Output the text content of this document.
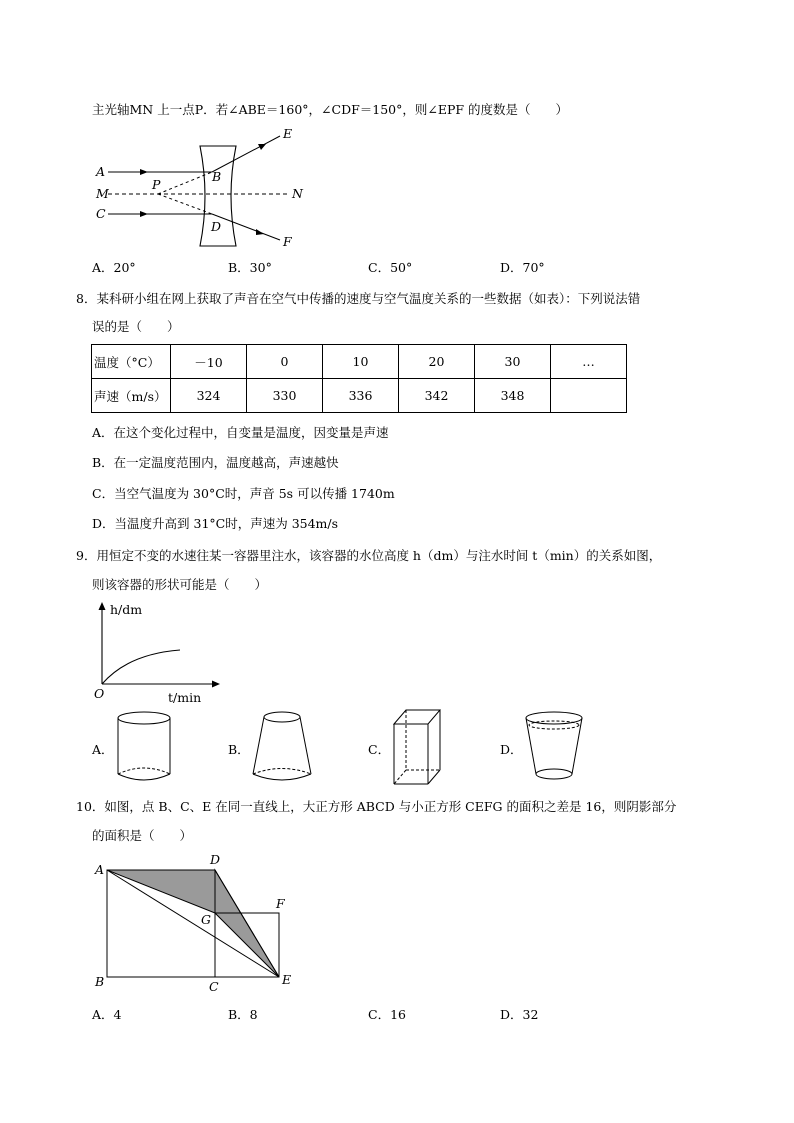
主光轴MN 上一点P．若∠ABE＝160°，∠CDF＝150°，则∠EPF 的度数是（　　）
A
M
C
P
B
D
E
N
F
A．20°	B．30°	C．50°	D．70°
8．某科研小组在网上获取了声音在空气中传播的速度与空气温度关系的一些数据（如表）：下列说法错
误的是（　　）
温度（°C）	－10	0	10	20	30	…
声速（m/s）	324	330	336	342	348	
A．在这个变化过程中，自变量是温度，因变量是声速
B．在一定温度范围内，温度越高，声速越快
C．当空气温度为 30°C时，声音 5s 可以传播 1740m
D．当温度升高到 31°C时，声速为 354m/s
9．用恒定不变的水速往某一容器里注水，该容器的水位高度 h（dm）与注水时间 t（min）的关系如图，
则该容器的形状可能是（　　）
h/dm
O	t/min
A．	B．	C．	D．
10．如图，点 B、C、E 在同一直线上，大正方形 ABCD 与小正方形 CEFG 的面积之差是 16，则阴影部分
的面积是（　　）
A
D
G
F
B	C	E
A．4	B．8	C．16	D．32
